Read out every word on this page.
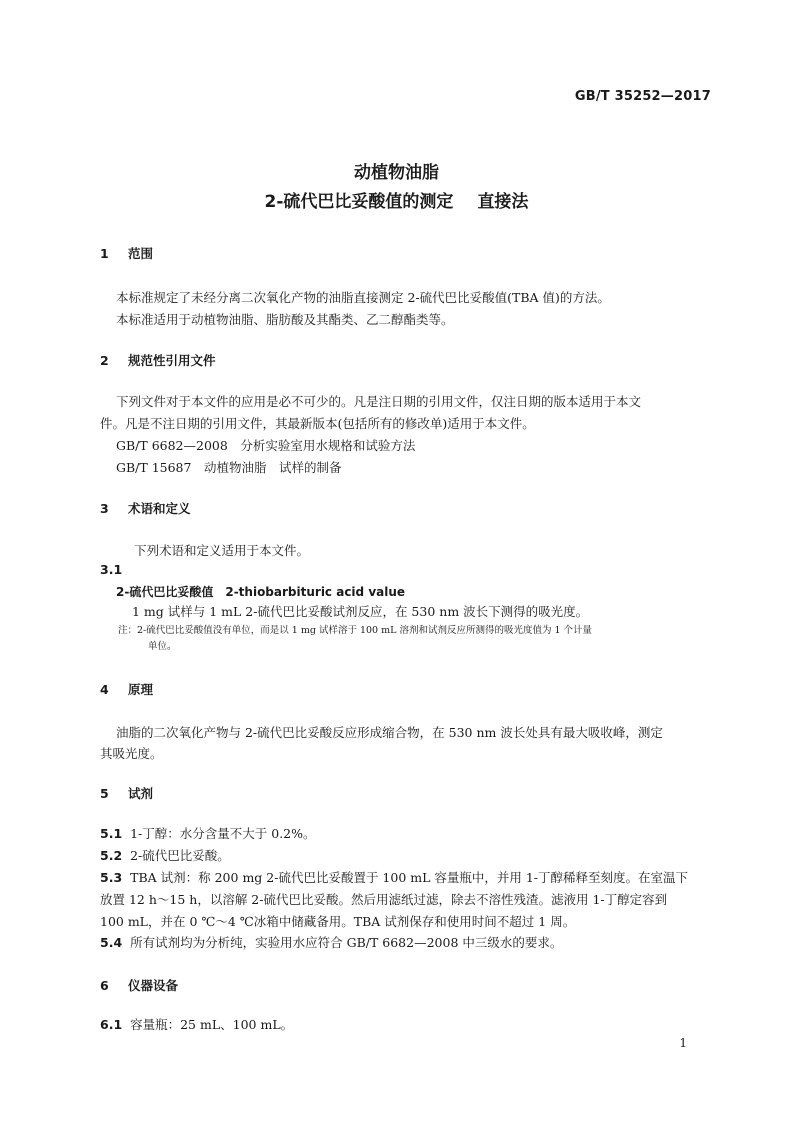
GB/T 35252—2017
动植物油脂
2-硫代巴比妥酸值的测定 直接法
1 范围
本标准规定了未经分离二次氧化产物的油脂直接测定 2-硫代巴比妥酸值(TBA 值)的方法。
本标准适用于动植物油脂、脂肪酸及其酯类、乙二醇酯类等。
2 规范性引用文件
下列文件对于本文件的应用是必不可少的。凡是注日期的引用文件，仅注日期的版本适用于本文
件。凡是不注日期的引用文件，其最新版本(包括所有的修改单)适用于本文件。
GB/T 6682—2008　分析实验室用水规格和试验方法
GB/T 15687　动植物油脂　试样的制备
3 术语和定义
下列术语和定义适用于本文件。
3.1
2-硫代巴比妥酸值 2-thiobarbituric acid value
1 mg 试样与 1 mL 2-硫代巴比妥酸试剂反应，在 530 nm 波长下测得的吸光度。
注：2-硫代巴比妥酸值没有单位，而是以 1 mg 试样溶于 100 mL 溶剂和试剂反应所测得的吸光度值为 1 个计量
单位。
4 原理
油脂的二次氧化产物与 2-硫代巴比妥酸反应形成缩合物，在 530 nm 波长处具有最大吸收峰，测定
其吸光度。
5 试剂
5.1 1-丁醇：水分含量不大于 0.2%。
5.2 2-硫代巴比妥酸。
5.3 TBA 试剂：称 200 mg 2-硫代巴比妥酸置于 100 mL 容量瓶中，并用 1-丁醇稀释至刻度。在室温下
放置 12 h～15 h，以溶解 2-硫代巴比妥酸。然后用滤纸过滤，除去不溶性残渣。滤液用 1-丁醇定容到
100 mL，并在 0 ℃～4 ℃冰箱中储藏备用。TBA 试剂保存和使用时间不超过 1 周。
5.4 所有试剂均为分析纯，实验用水应符合 GB/T 6682—2008 中三级水的要求。
6 仪器设备
6.1 容量瓶：25 mL、100 mL。
1
